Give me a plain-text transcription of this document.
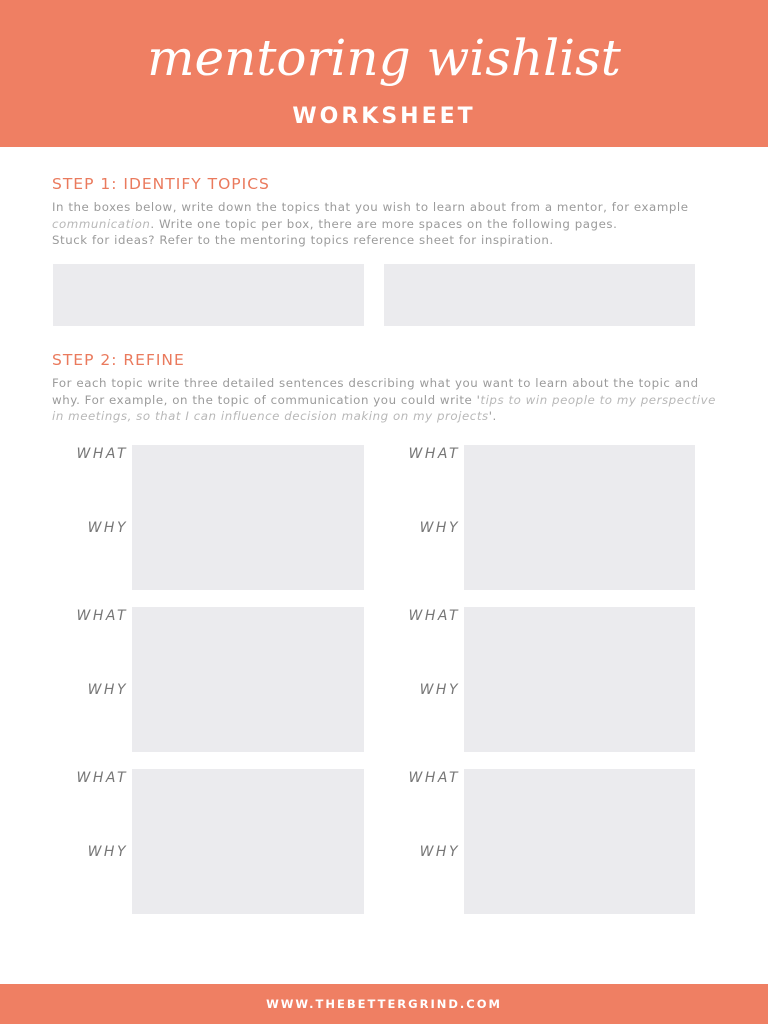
mentoring wishlist
WORKSHEET
STEP 1: IDENTIFY TOPICS
In the boxes below, write down the topics that you wish to learn about from a mentor, for example communication. Write one topic per box, there are more spaces on the following pages.
Stuck for ideas? Refer to the mentoring topics reference sheet for inspiration.
STEP 2: REFINE
For each topic write three detailed sentences describing what you want to learn about the topic and why. For example, on the topic of communication you could write 'tips to win people to my perspective in meetings, so that I can influence decision making on my projects'.
WHAT
WHY
WHAT
WHY
WHAT
WHY
WHAT
WHY
WHAT
WHY
WHAT
WHY
WWW.THEBETTERGRIND.COM
